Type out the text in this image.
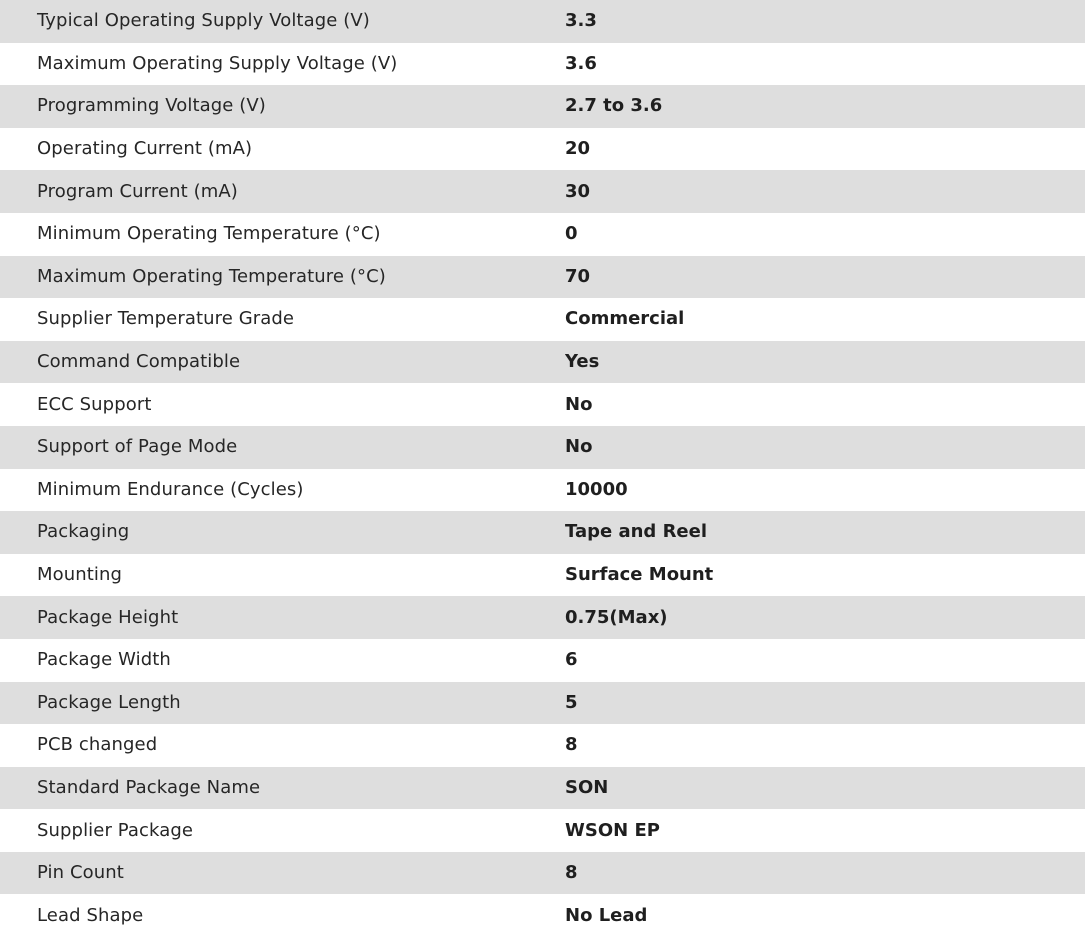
Typical Operating Supply Voltage (V)	3.3
Maximum Operating Supply Voltage (V)	3.6
Programming Voltage (V)	2.7 to 3.6
Operating Current (mA)	20
Program Current (mA)	30
Minimum Operating Temperature (°C)	0
Maximum Operating Temperature (°C)	70
Supplier Temperature Grade	Commercial
Command Compatible	Yes
ECC Support	No
Support of Page Mode	No
Minimum Endurance (Cycles)	10000
Packaging	Tape and Reel
Mounting	Surface Mount
Package Height	0.75(Max)
Package Width	6
Package Length	5
PCB changed	8
Standard Package Name	SON
Supplier Package	WSON EP
Pin Count	8
Lead Shape	No Lead
